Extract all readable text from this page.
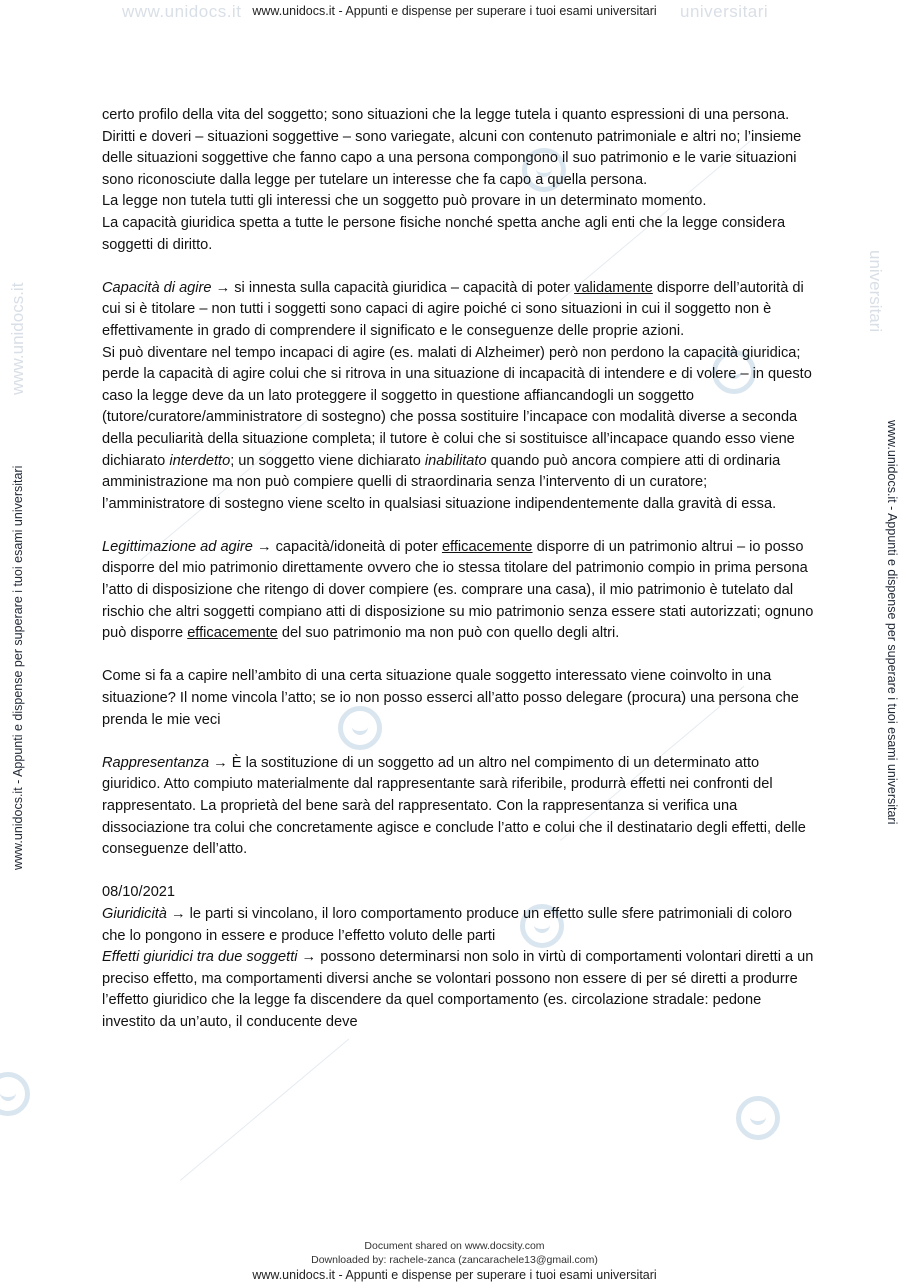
www.unidocs.it	universitari
www.unidocs.it	universitari
www.unidocs.it - Appunti e dispense per superare i tuoi esami universitari
www.unidocs.it - Appunti e dispense per superare i tuoi esami universitari
www.unidocs.it - Appunti e dispense per superare i tuoi esami universitari	www.unidocs.it - Appunti e dispense per superare i tuoi esami universitari

certo profilo della vita del soggetto; sono situazioni che la legge tutela i quanto espressioni di una persona.

Diritti e doveri – situazioni soggettive – sono variegate, alcuni con contenuto patrimoniale e altri no; l’insieme delle situazioni soggettive che fanno capo a una persona compongono il suo patrimonio e le varie situazioni sono riconosciute dalla legge per tutelare un interesse che fa capo a quella persona.

La legge non tutela tutti gli interessi che un soggetto può provare in un determinato momento.

La capacità giuridica spetta a tutte le persone fisiche nonché spetta anche agli enti che la legge considera soggetti di diritto.

Capacità di agire → si innesta sulla capacità giuridica – capacità di poter validamente disporre dell’autorità di cui si è titolare – non tutti i soggetti sono capaci di agire poiché ci sono situazioni in cui il soggetto non è effettivamente in grado di comprendere il significato e le conseguenze delle proprie azioni.

Si può diventare nel tempo incapaci di agire (es. malati di Alzheimer) però non perdono la capacità giuridica; perde la capacità di agire colui che si ritrova in una situazione di incapacità di intendere e di volere – in questo caso la legge deve da un lato proteggere il soggetto in questione affiancandogli un soggetto (tutore/curatore/amministratore di sostegno) che possa sostituire l’incapace con modalità diverse a seconda della peculiarità della situazione completa; il tutore è colui che si sostituisce all’incapace quando esso viene dichiarato interdetto; un soggetto viene dichiarato inabilitato quando può ancora compiere atti di ordinaria amministrazione ma non può compiere quelli di straordinaria senza l’intervento di un curatore; l’amministratore di sostegno viene scelto in qualsiasi situazione indipendentemente dalla gravità di essa.

Legittimazione ad agire → capacità/idoneità di poter efficacemente disporre di un patrimonio altrui – io posso disporre del mio patrimonio direttamente ovvero che io stessa titolare del patrimonio compio in prima persona l’atto di disposizione che ritengo di dover compiere (es. comprare una casa), il mio patrimonio è tutelato dal rischio che altri soggetti compiano atti di disposizione su mio patrimonio senza essere stati autorizzati; ognuno può disporre efficacemente del suo patrimonio ma non può con quello degli altri.

Come si fa a capire nell’ambito di una certa situazione quale soggetto interessato viene coinvolto in una situazione? Il nome vincola l’atto; se io non posso esserci all’atto posso delegare (procura) una persona che prenda le mie veci

Rappresentanza → È la sostituzione di un soggetto ad un altro nel compimento di un determinato atto giuridico. Atto compiuto materialmente dal rappresentante sarà riferibile, produrrà effetti nei confronti del rappresentato. La proprietà del bene sarà del rappresentato. Con la rappresentanza si verifica una dissociazione tra colui che concretamente agisce e conclude l’atto e colui che il destinatario degli effetti, delle conseguenze dell’atto.

08/10/2021

Giuridicità → le parti si vincolano, il loro comportamento produce un effetto sulle sfere patrimoniali di coloro che lo pongono in essere e produce l’effetto voluto delle parti

Effetti giuridici tra due soggetti → possono determinarsi non solo in virtù di comportamenti volontari diretti a un preciso effetto, ma comportamenti diversi anche se volontari possono non essere di per sé diretti a produrre l’effetto giuridico che la legge fa discendere da quel comportamento (es. circolazione stradale: pedone investito da un’auto, il conducente deve

Document shared on www.docsity.com
Downloaded by: rachele-zanca (zancarachele13@gmail.com)
